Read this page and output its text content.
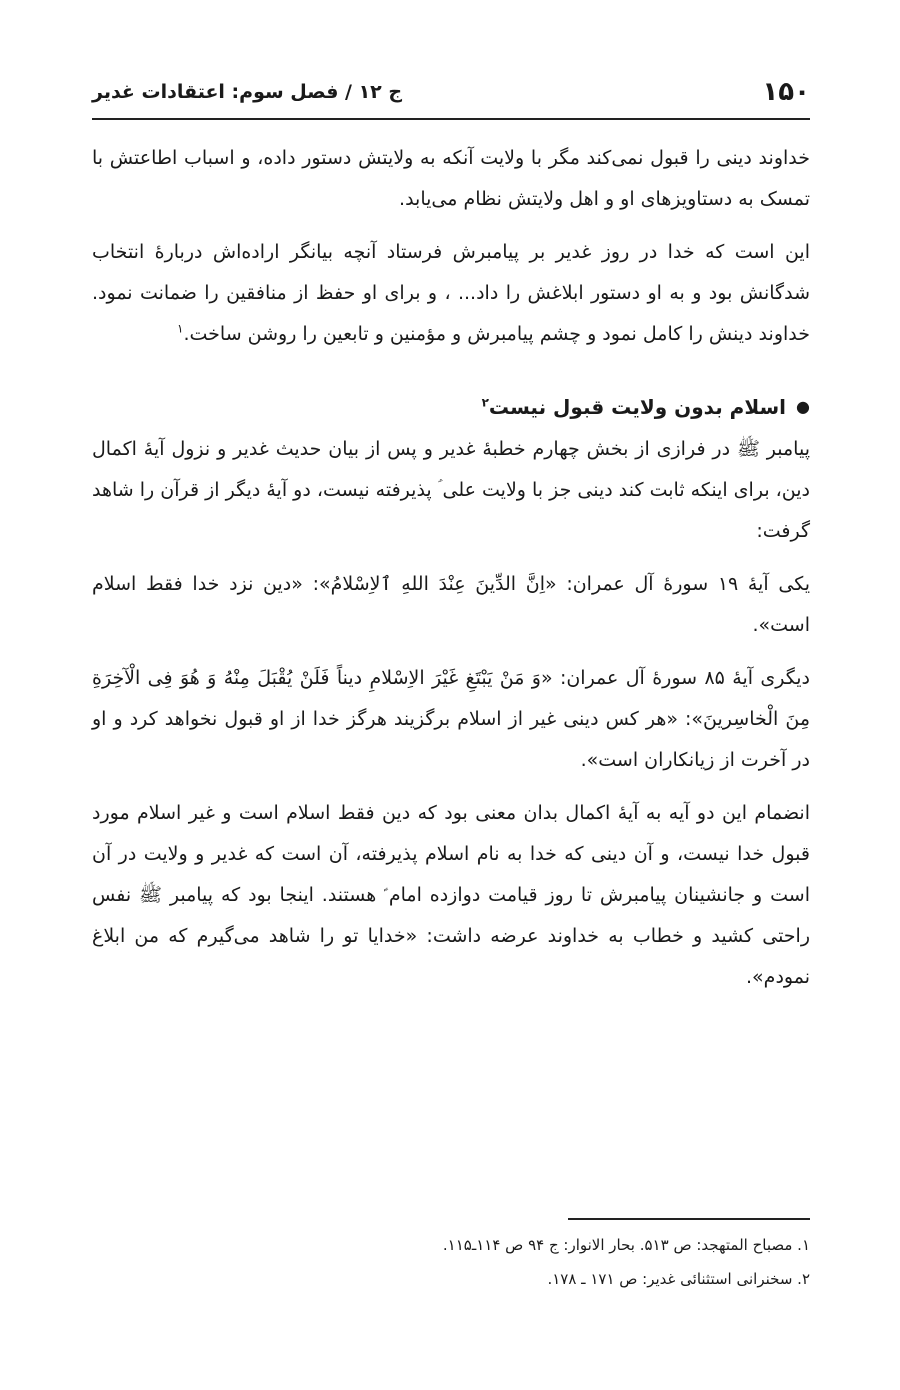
ج ۱۲ / فصل سوم: اعتقادات غدیر	۱۵۰

خداوند دینی را قبول نمی‌کند مگر با ولایت آنکه به ولایتش دستور داده، و اسباب اطاعتش با تمسک به دستاویزهای او و اهل ولایتش نظام می‌یابد.

این است که خدا در روز غدیر بر پیامبرش فرستاد آنچه بیانگر اراده‌اش دربارهٔ انتخاب شدگانش بود و به او دستور ابلاغش را داد... ، و برای او حفظ از منافقین را ضمانت نمود. خداوند دینش را کامل نمود و چشم پیامبرش و مؤمنین و تابعین را روشن ساخت.$^۱$

●
اسلام بدون ولایت قبول نیست$^۲$

پیامبر ﷺ در فرازی از بخش چهارم خطبهٔ غدیر و پس از بیان حدیث غدیر و نزول آیهٔ اکمال دین، برای اینکه ثابت کند دینی جز با ولایت علی ؑ پذیرفته نیست، دو آیهٔ دیگر از قرآن را شاهد گرفت:

یکی آیهٔ ۱۹ سورهٔ آل عمران: «اِنَّ الدِّینَ عِنْدَ اللهِ ٱلاِسْلامُ»: «دین نزد خدا فقط اسلام است».

دیگری آیهٔ ۸۵ سورهٔ آل عمران: «وَ مَنْ یَبْتَغِ غَیْرَ الاِسْلامِ دیناً فَلَنْ یُقْبَلَ مِنْهُ وَ هُوَ فِی الْآخِرَةِ مِنَ الْخاسِرینَ»: «هر کس دینی غیر از اسلام برگزیند هرگز خدا از او قبول نخواهد کرد و او در آخرت از زیانکاران است».

انضمام این دو آیه به آیهٔ اکمال بدان معنی بود که دین فقط اسلام است و غیر اسلام مورد قبول خدا نیست، و آن دینی که خدا به نام اسلام پذیرفته، آن است که غدیر و ولایت در آن است و جانشینان پیامبرش تا روز قیامت دوازده امام ؑ هستند. اینجا بود که پیامبر ﷺ نفس راحتی کشید و خطاب به خداوند عرضه داشت: «خدایا تو را شاهد می‌گیرم که من ابلاغ نمودم».

۱. مصباح المتهجد: ص ۵۱۳. بحار الانوار: ج ۹۴ ص ۱۱۴ـ۱۱۵.
۲. سخنرانی استثنائی غدیر: ص ۱۷۱ ـ ۱۷۸.
